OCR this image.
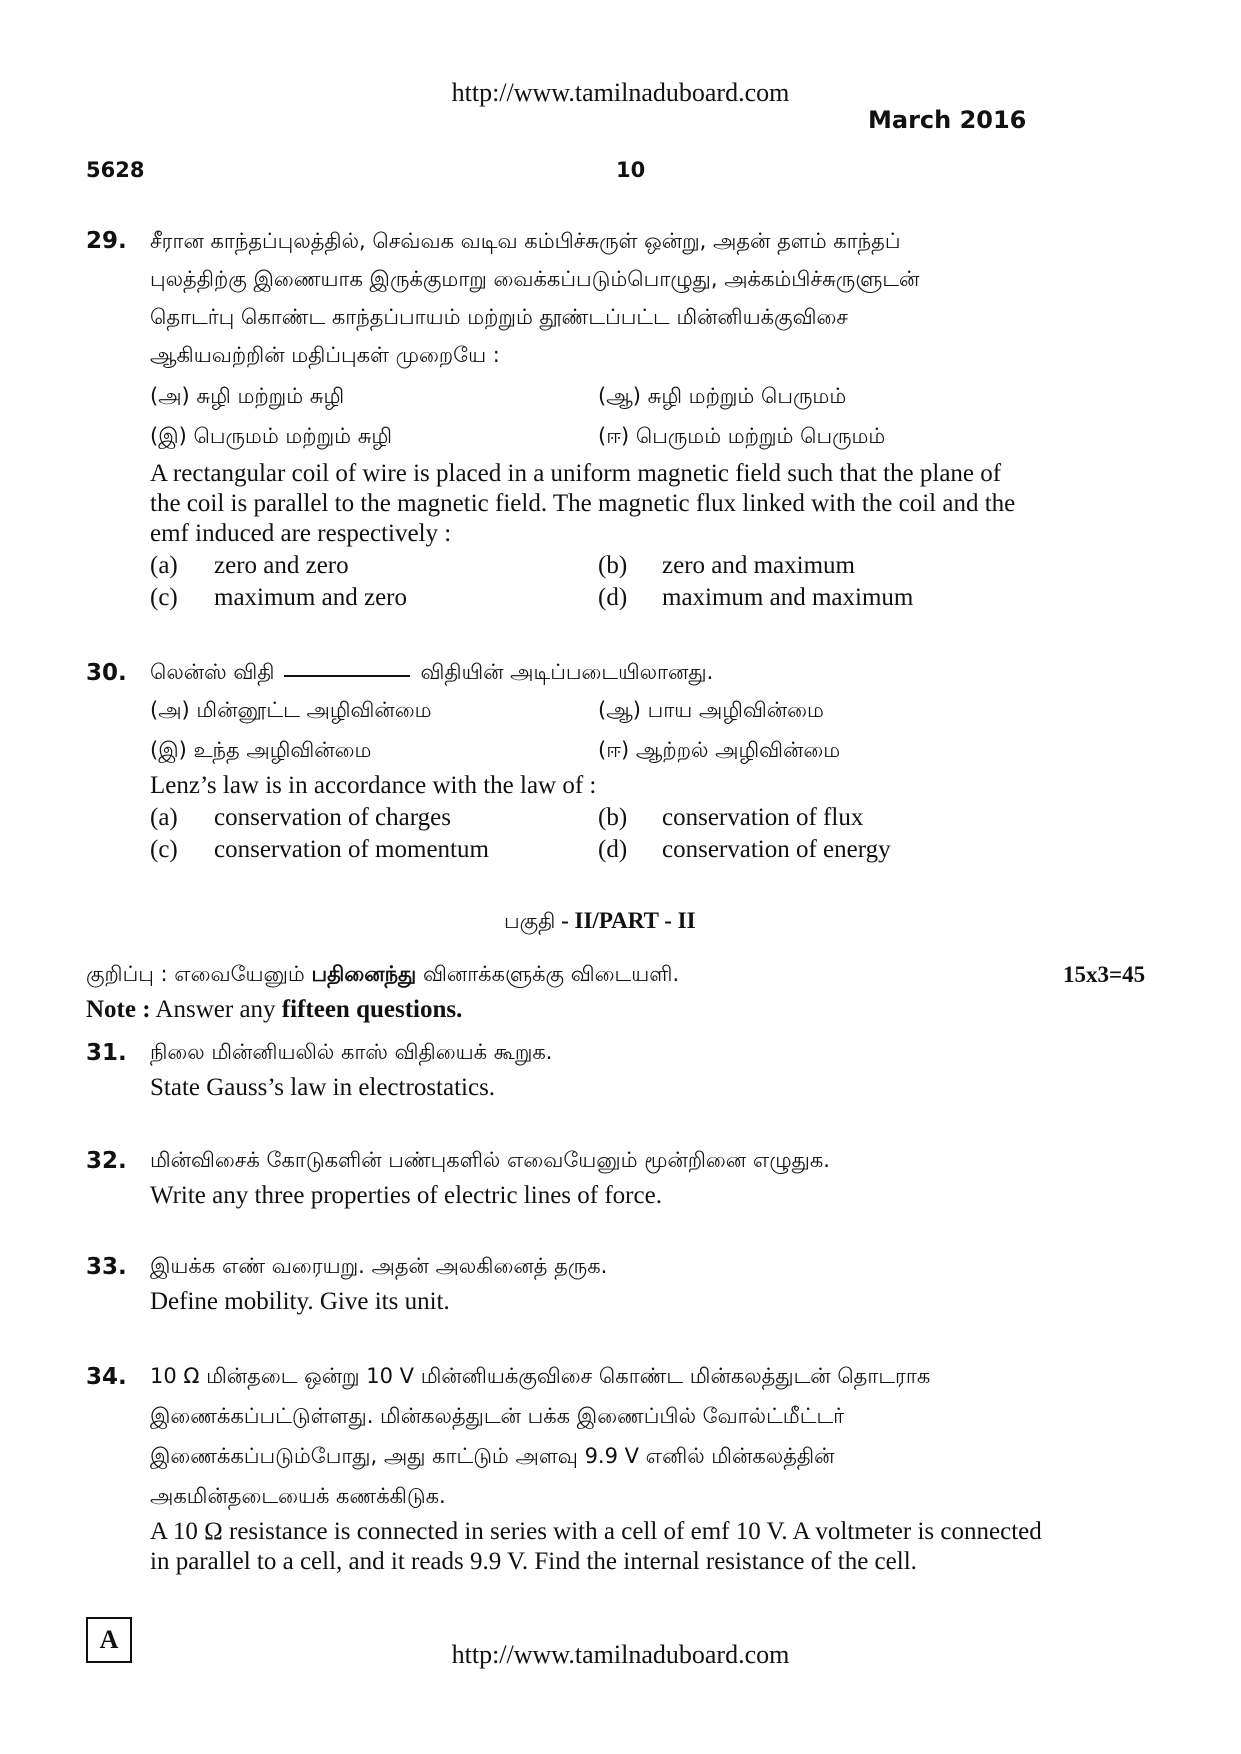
http://www.tamilnaduboard.com
March 2016
5628	10
29. சீரான காந்தப்புலத்தில், செவ்வக வடிவ கம்பிச்சுருள் ஒன்று, அதன் தளம் காந்தப்
புலத்திற்கு இணையாக இருக்குமாறு வைக்கப்படும்பொழுது, அக்கம்பிச்சுருளுடன்
தொடர்பு கொண்ட காந்தப்பாயம் மற்றும் தூண்டப்பட்ட மின்னியக்குவிசை
ஆகியவற்றின் மதிப்புகள் முறையே :
(அ) சுழி மற்றும் சுழி	(ஆ) சுழி மற்றும் பெருமம்
(இ) பெருமம் மற்றும் சுழி	(ஈ) பெருமம் மற்றும் பெருமம்
A rectangular coil of wire is placed in a uniform magnetic field such that the plane of
the coil is parallel to the magnetic field. The magnetic flux linked with the coil and the
emf induced are respectively :
(a) zero and zero	(b) zero and maximum
(c) maximum and zero	(d) maximum and maximum
30. லென்ஸ் விதி	விதியின் அடிப்படையிலானது.
(அ) மின்னூட்ட அழிவின்மை	(ஆ) பாய அழிவின்மை
(இ) உந்த அழிவின்மை	(ஈ) ஆற்றல் அழிவின்மை
Lenz’s law is in accordance with the law of :
(a) conservation of charges	(b) conservation of flux
(c) conservation of momentum	(d) conservation of energy
பகுதி - II/PART - II
குறிப்பு : எவையேனும் பதினைந்து வினாக்களுக்கு விடையளி.	15x3=45
Note : Answer any fifteen questions.
31. நிலை மின்னியலில் காஸ் விதியைக் கூறுக.
State Gauss’s law in electrostatics.
32. மின்விசைக் கோடுகளின் பண்புகளில் எவையேனும் மூன்றினை எழுதுக.
Write any three properties of electric lines of force.
33. இயக்க எண் வரையறு. அதன் அலகினைத் தருக.
Define mobility. Give its unit.
34. 10 Ω மின்தடை ஒன்று 10 V மின்னியக்குவிசை கொண்ட மின்கலத்துடன் தொடராக
இணைக்கப்பட்டுள்ளது. மின்கலத்துடன் பக்க இணைப்பில் வோல்ட்மீட்டர்
இணைக்கப்படும்போது, அது காட்டும் அளவு 9.9 V எனில் மின்கலத்தின்
அகமின்தடையைக் கணக்கிடுக.
A 10 Ω resistance is connected in series with a cell of emf 10 V. A voltmeter is connected
in parallel to a cell, and it reads 9.9 V. Find the internal resistance of the cell.
A
http://www.tamilnaduboard.com
